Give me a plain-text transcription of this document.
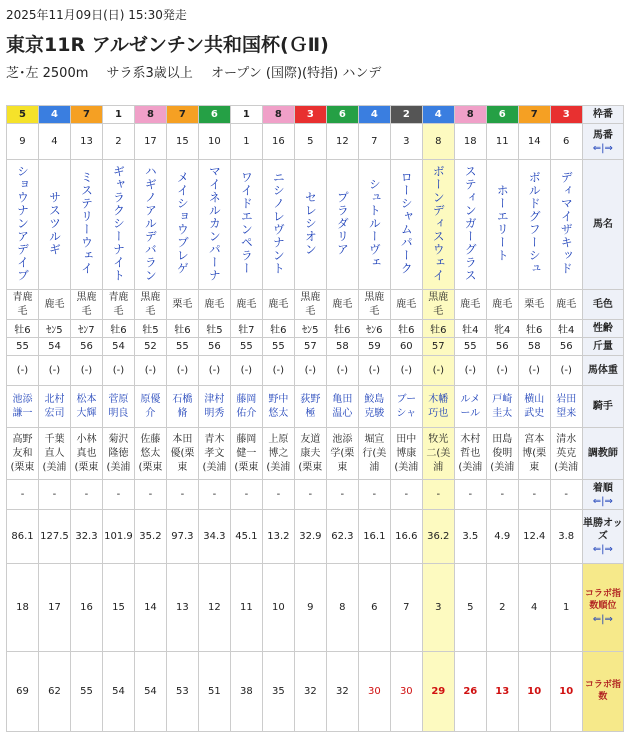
2025年11月09日(日) 15:30発走
東京11R アルゼンチン共和国杯(ＧⅡ)
芝･左 2500m サラ系3歳以上 オープン (国際)(特指) ハンデ
5	4	7	1	8	7	6	1	8	3	6	4	2	4	8	6	7	3	枠番

9	4	13	2	17	15	10	1	16	5	12	7	3	8	18	11	14	6	馬番
⇐|⇒

ショウナンアデイブ	サスツルギ	ミステリーウェイ	ギャラクシーナイト	ハギノアルデバラン	メイショウブレゲ	マイネルカンパーナ	ワイドエンペラー	ニシノレヴナント	セレシオン	プラダリア	シュトルーヴェ	ローシャムパーク	ボーンディスウェイ	スティンガーグラス	ホーエリート	ボルドグフーシュ	ディマイザキッド	馬名

青鹿毛	鹿毛	黒鹿毛	青鹿毛	黒鹿毛	栗毛	鹿毛	鹿毛	鹿毛	黒鹿毛	鹿毛	黒鹿毛	鹿毛	黒鹿毛	鹿毛	鹿毛	栗毛	鹿毛	毛色

牡6	ｾﾝ5	ｾﾝ7	牡6	牡5	牡6	牡5	牡7	牡6	ｾﾝ5	牡6	ｾﾝ6	牡6	牡6	牡4	牝4	牡6	牡4	性齢

55	54	56	54	52	55	56	55	55	57	58	59	60	57	55	56	58	56	斤量

(-)	(-)	(-)	(-)	(-)	(-)	(-)	(-)	(-)	(-)	(-)	(-)	(-)	(-)	(-)	(-)	(-)	(-)	馬体重

池添謙一	北村宏司	松本大輝	菅原明良	原優介	石橋脩	津村明秀	藤岡佑介	野中悠太	荻野極	亀田温心	鮫島克駿	ブーシャ	木幡巧也	ルメール	戸崎圭太	横山武史	岩田望来	騎手

高野友和(栗東	千葉直人(美浦	小林真也(栗東	菊沢隆徳(美浦	佐藤悠太(栗東	本田優(栗東	青木孝文(美浦	藤岡健一(栗東	上原博之(美浦	友道康夫(栗東	池添学(栗東	堀宣行(美浦	田中博康(美浦	牧光二(美浦	木村哲也(美浦	田島俊明(美浦	宮本博(栗東	清水英克(美浦	調教師

-	-	-	-	-	-	-	-	-	-	-	-	-	-	-	-	-	-	着順
⇐|⇒

86.1	127.5	32.3	101.9	35.2	97.3	34.3	45.1	13.2	32.9	62.3	16.1	16.6	36.2	3.5	4.9	12.4	3.8	単勝オッズ
⇐|⇒

18	17	16	15	14	13	12	11	10	9	8	6	7	3	5	2	4	1	コラボ指数順位
⇐|⇒

69	62	55	54	54	53	51	38	35	32	32	30	30	29	26	13	10	10	コラボ指数
